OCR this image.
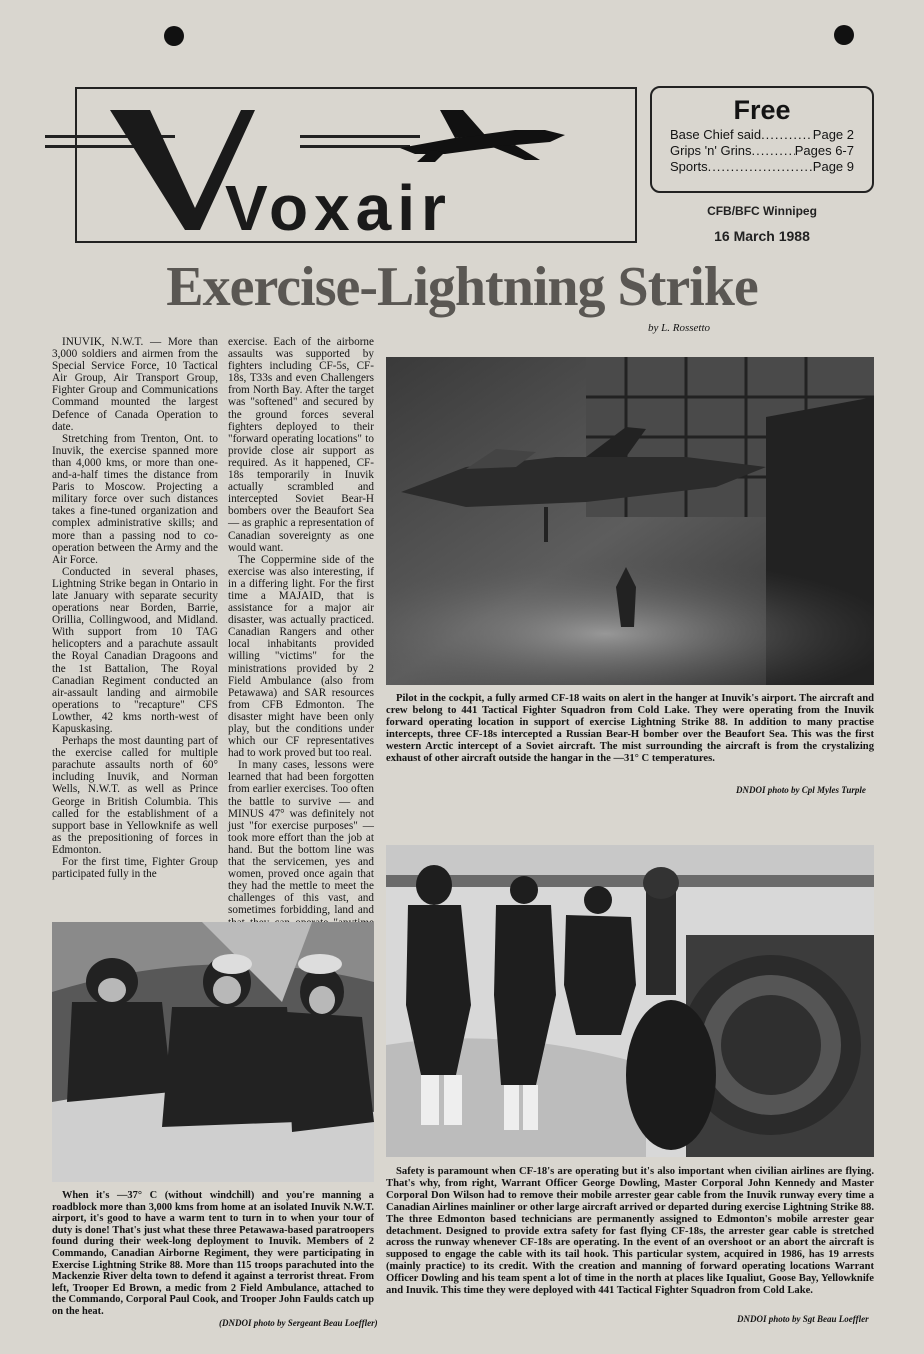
Voxair
Free
Base Chief said .....	Page 2
Grips 'n' Grins .....	Pages 6-7
Sports .....	Page 9
CFB/BFC Winnipeg
16 March 1988
Exercise-Lightning Strike
by L. Rossetto

INUVIK, N.W.T. — More than 3,000 soldiers and airmen from the Special Service Force, 10 Tactical Air Group, Air Transport Group, Fighter Group and Communications Command mounted the largest Defence of Canada Operation to date.

Stretching from Trenton, Ont. to Inuvik, the exercise spanned more than 4,000 kms, or more than one-and-a-half times the distance from Paris to Moscow. Projecting a military force over such distances takes a fine-tuned organization and complex administrative skills; and more than a passing nod to co-operation between the Army and the Air Force.

Conducted in several phases, Lightning Strike began in Ontario in late January with separate security operations near Borden, Barrie, Orillia, Collingwood, and Midland. With support from 10 TAG helicopters and a parachute assault the Royal Canadian Dragoons and the 1st Battalion, The Royal Canadian Regiment conducted an air-assault landing and airmobile operations to "recapture" CFS Lowther, 42 kms north-west of Kapuskasing.

Perhaps the most daunting part of the exercise called for multiple parachute assaults north of 60° including Inuvik, and Norman Wells, N.W.T. as well as Prince George in British Columbia. This called for the establishment of a support base in Yellowknife as well as the prepositioning of forces in Edmonton.

For the first time, Fighter Group participated fully in the

exercise. Each of the airborne assaults was supported by fighters including CF-5s, CF-18s, T33s and even Challengers from North Bay. After the target was "softened" and secured by the ground forces several fighters deployed to their "forward operating locations" to provide close air support as required. As it happened, CF-18s temporarily in Inuvik actually scrambled and intercepted Soviet Bear-H bombers over the Beaufort Sea — as graphic a representation of Canadian sovereignty as one would want.

The Coppermine side of the exercise was also interesting, if in a differing light. For the first time a MAJAID, that is assistance for a major air disaster, was actually practiced. Canadian Rangers and other local inhabitants provided willing "victims" for the ministrations provided by 2 Field Ambulance (also from Petawawa) and SAR resources from CFB Edmonton. The disaster might have been only play, but the conditions under which our CF representatives had to work proved but too real.

In many cases, lessons were learned that had been forgotten from earlier exercises. Too often the battle to survive — and MINUS 47° was definitely not just "for exercise purposes" — took more effort than the job at hand. But the bottom line was that the servicemen, yes and women, proved once again that they had the mettle to meet the challenges of this vast, and sometimes forbidding, land and

Pilot in the cockpit, a fully armed CF-18 waits on alert in the hanger at Inuvik's airport. The aircraft and crew belong to 441 Tactical Fighter Squadron from Cold Lake. They were operating from the Inuvik forward operating location in support of exercise Lightning Strike 88. In addition to many practise intercepts, three CF-18s intercepted a Russian Bear-H bomber over the Beaufort Sea. This was the first western Arctic intercept of a Soviet aircraft. The mist surrounding the aircraft is from the crystalizing exhaust of other aircraft outside the hangar in the —31° C temperatures.

DNDOI photo by Cpl Myles Turple

Safety is paramount when CF-18's are operating but it's also important when civilian airlines are flying. That's why, from right, Warrant Officer George Dowling, Master Corporal John Kennedy and Master Corporal Don Wilson had to remove their mobile arrester gear cable from the Inuvik runway every time a Canadian Airlines mainliner or other large aircraft arrived or departed during exercise Lightning Strike 88. The three Edmonton based technicians are permanently assigned to Edmonton's mobile arrester gear detachment. Designed to provide extra safety for fast flying CF-18s, the arrester gear cable is stretched across the runway whenever CF-18s are operating. In the event of an overshoot or an abort the aircraft is supposed to engage the cable with its tail hook. This particular system, acquired in 1986, has 19 arrests (mainly practice) to its credit. With the creation and manning of forward operating locations Warrant Officer Dowling and his team spent a lot of time in the north at places like Iqualiut, Goose Bay, Yellowknife and Inuvik. This time they were deployed with 441 Tactical Fighter Squadron from Cold Lake.

DNDOI photo by Sgt Beau Loeffler

When it's —37° C (without windchill) and you're manning a roadblock more than 3,000 kms from home at an isolated Inuvik N.W.T. airport, it's good to have a warm tent to turn in to when your tour of duty is done! That's just what these three Petawawa-based paratroopers found during their week-long deployment to Inuvik. Members of 2 Commando, Canadian Airborne Regiment, they were participating in Exercise Lightning Strike 88. More than 115 troops parachuted into the Mackenzie River delta town to defend it against a terrorist threat. From left, Trooper Ed Brown, a medic from 2 Field Ambulance, attached to the Commando, Corporal Paul Cook, and Trooper John Faulds catch up on the heat.

(DNDOI photo by Sergeant Beau Loeffler)
